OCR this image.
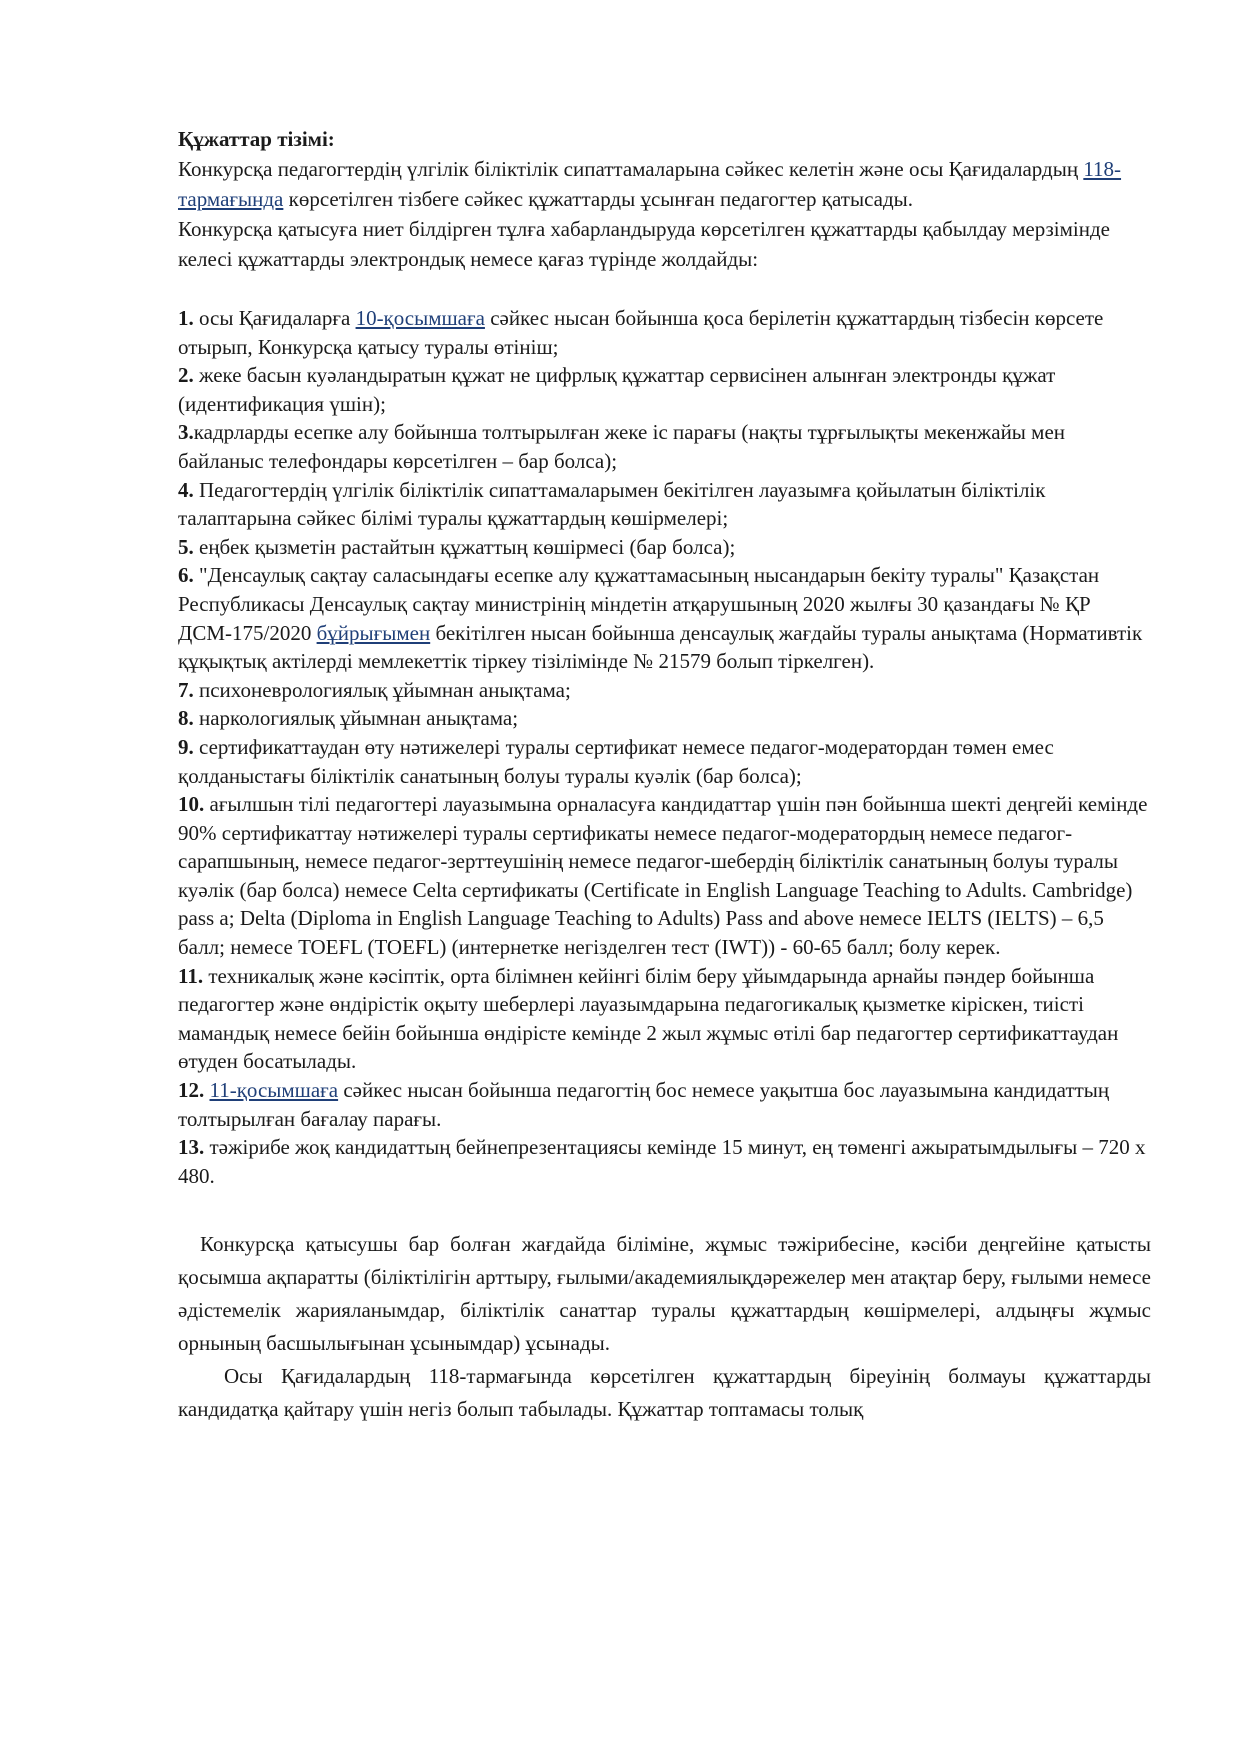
Құжаттар тізімі:

Конкурсқа педагогтердің үлгілік біліктілік сипаттамаларына сәйкес келетін және осы Қағидалардың 118-тармағында көрсетілген тізбеге сәйкес құжаттарды ұсынған педагогтер қатысады.

Конкурсқа қатысуға ниет білдірген тұлға хабарландыруда көрсетілген құжаттарды қабылдау мерзімінде келесі құжаттарды электрондық немесе қағаз түрінде жолдайды:

1. осы Қағидаларға 10-қосымшаға сәйкес нысан бойынша қоса берілетін құжаттардың тізбесін көрсете отырып, Конкурсқа қатысу туралы өтініш;

2. жеке басын куәландыратын құжат не цифрлық құжаттар сервисінен алынған электронды құжат (идентификация үшін);

3.кадрларды есепке алу бойынша толтырылған жеке іс парағы (нақты тұрғылықты мекенжайы мен байланыс телефондары көрсетілген – бар болса);

4. Педагогтердің үлгілік біліктілік сипаттамаларымен бекітілген лауазымға қойылатын біліктілік талаптарына сәйкес білімі туралы құжаттардың көшірмелері;

5. еңбек қызметін растайтын құжаттың көшірмесі (бар болса);

6. "Денсаулық сақтау саласындағы есепке алу құжаттамасының нысандарын бекіту туралы" Қазақстан Республикасы Денсаулық сақтау министрінің міндетін атқарушының 2020 жылғы 30 қазандағы № ҚР ДСМ-175/2020 бұйрығымен бекітілген нысан бойынша денсаулық жағдайы туралы анықтама (Нормативтік құқықтық актілерді мемлекеттік тіркеу тізілімінде № 21579 болып тіркелген).

7. психоневрологиялық ұйымнан анықтама;

8. наркологиялық ұйымнан анықтама;

9. сертификаттаудан өту нәтижелері туралы сертификат немесе педагог-модератордан төмен емес қолданыстағы біліктілік санатының болуы туралы куәлік (бар болса);

10. ағылшын тілі педагогтері лауазымына орналасуға кандидаттар үшін пән бойынша шекті деңгейі кемінде 90% сертификаттау нәтижелері туралы сертификаты немесе педагог-модератордың немесе педагог-сарапшының, немесе педагог-зерттеушінің немесе педагог-шебердің біліктілік санатының болуы туралы куәлік (бар болса) немесе Celta сертификаты (Certificate in English Language Teaching to Adults. Cambridge) pass a; Delta (Diploma in English Language Teaching to Adults) Pass and above немесе IELTS (IELTS) – 6,5 балл; немесе TOEFL (TOEFL) (интернетке негізделген тест (IWT)) - 60-65 балл; болу керек.

11. техникалық және кәсіптік, орта білімнен кейінгі білім беру ұйымдарында арнайы пәндер бойынша педагогтер және өндірістік оқыту шеберлері лауазымдарына педагогикалық қызметке кіріскен, тиісті мамандық немесе бейін бойынша өндірісте кемінде 2 жыл жұмыс өтілі бар педагогтер сертификаттаудан өтуден босатылады.

12. 11-қосымшаға сәйкес нысан бойынша педагогтің бос немесе уақытша бос лауазымына кандидаттың толтырылған бағалау парағы.

13. тәжірибе жоқ кандидаттың бейнепрезентациясы кемінде 15 минут, ең төменгі ажыратымдылығы – 720 х 480.

Конкурсқа қатысушы бар болған жағдайда біліміне, жұмыс тәжірибесіне, кәсіби деңгейіне қатысты қосымша ақпаратты (біліктілігін арттыру, ғылыми/академиялықдәрежелер мен атақтар беру, ғылыми немесе әдістемелік жарияланымдар, біліктілік санаттар туралы құжаттардың көшірмелері, алдыңғы жұмыс орнының басшылығынан ұсынымдар) ұсынады.

Осы Қағидалардың 118-тармағында көрсетілген құжаттардың біреуінің болмауы құжаттарды кандидатқа қайтару үшін негіз болып табылады. Құжаттар топтамасы толық
